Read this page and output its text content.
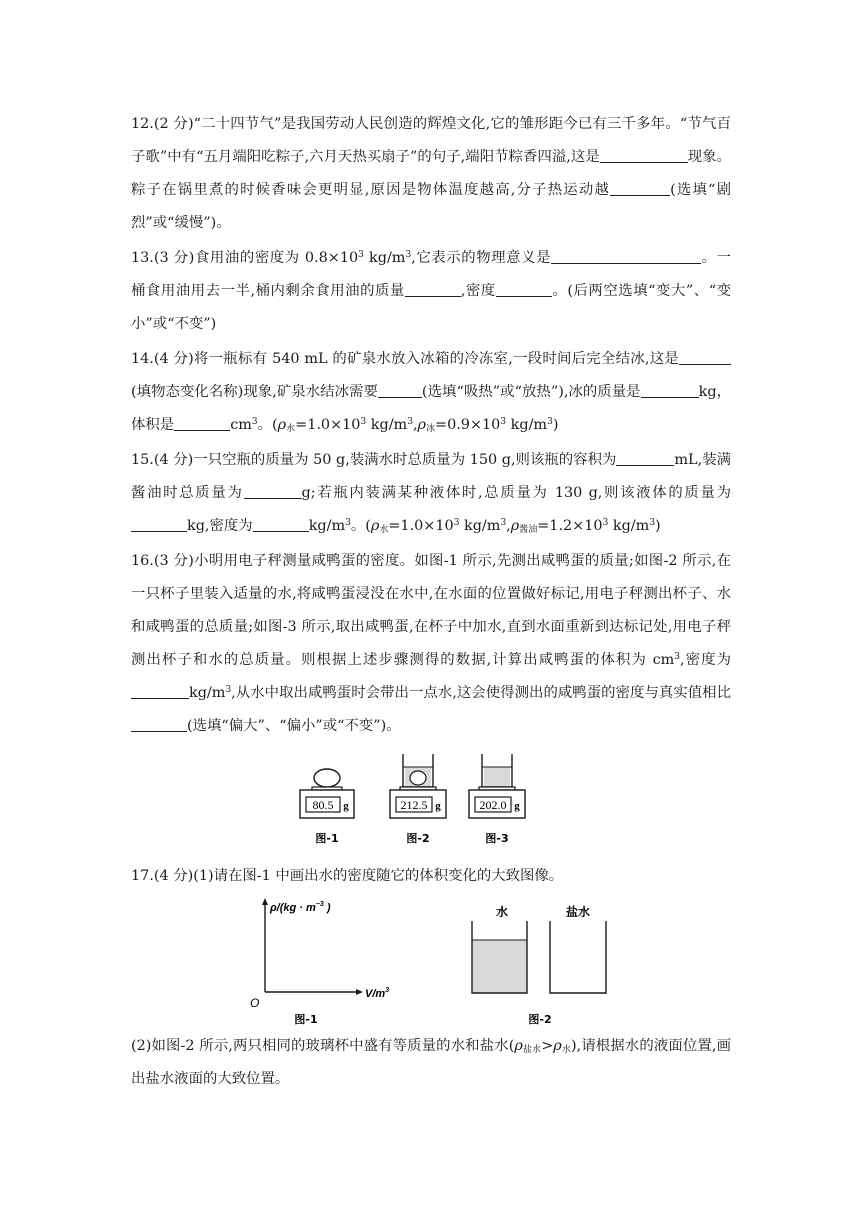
12.(2 分)“二十四节气”是我国劳动人民创造的辉煌文化,它的雏形距今已有三千多年。“节气百子歌”中有“五月端阳吃粽子,六月天热买扇子”的句子,端阳节粽香四溢,这是	现象。粽子在锅里煮的时候香味会更明显,原因是物体温度越高,分子热运动越	(选填“剧烈”或“缓慢”)。
13.(3 分)食用油的密度为 $0.8\times 10^3$ $kg/m^3$,它表示的物理意义是	。一桶食用油用去一半,桶内剩余食用油的质量	,密度	。(后两空选填“变大”、“变小”或“不变”)
14.(4 分)将一瓶标有 540 mL 的矿泉水放入冰箱的冷冻室,一段时间后完全结冰,这是(填物态变化名称)现象,矿泉水结冰需要	(选填“吸热”或“放热”),冰的质量是	kg，体积是	$cm^3$。($\rho_水=1.0\times 10^3$ $kg/m^3,\rho_冰=0.9\times 10^3$ $kg/m^3$)
15.(4 分)一只空瓶的质量为 50 g,装满水时总质量为 150 g,则该瓶的容积为	mL,装满酱油时总质量为	g;若瓶内装满某种液体时,总质量为 130 g,则该液体的质量为kg,密度为	$kg/m^3$。($\rho_水=1.0\times 10^3$ $kg/m^3,\rho_{酱油}=1.2\times 10^3$ $kg/m^3$)
16.(3 分)小明用电子秤测量咸鸭蛋的密度。如图-1 所示,先测出咸鸭蛋的质量;如图-2 所示,在一只杯子里装入适量的水,将咸鸭蛋浸没在水中,在水面的位置做好标记,用电子秤测出杯子、水和咸鸭蛋的总质量;如图-3 所示,取出咸鸭蛋,在杯子中加水,直到水面重新到达标记处,用电子秤测出杯子和水的总质量。则根据上述步骤测得的数据,计算出咸鸭蛋的体积为 $cm^3$,密度为$kg/m^3$,从水中取出咸鸭蛋时会带出一点水,这会使得测出的咸鸭蛋的密度与真实值相比(选填“偏大”、“偏小”或“不变”)。
80.5 g
图-1
212.5 g
图-2
202.0 g
图-3
17.(4 分)(1)请在图-1 中画出水的密度随它的体积变化的大致图像。
$\rho/(kg \cdot m^{-3}$ )
$V/m^3$
O
图-1
水	盐水
图-2
(2)如图-2 所示,两只相同的玻璃杯中盛有等质量的水和盐水$(\rho_{盐水}>\rho_水)$,请根据水的液面位置,画出盐水液面的大致位置。
